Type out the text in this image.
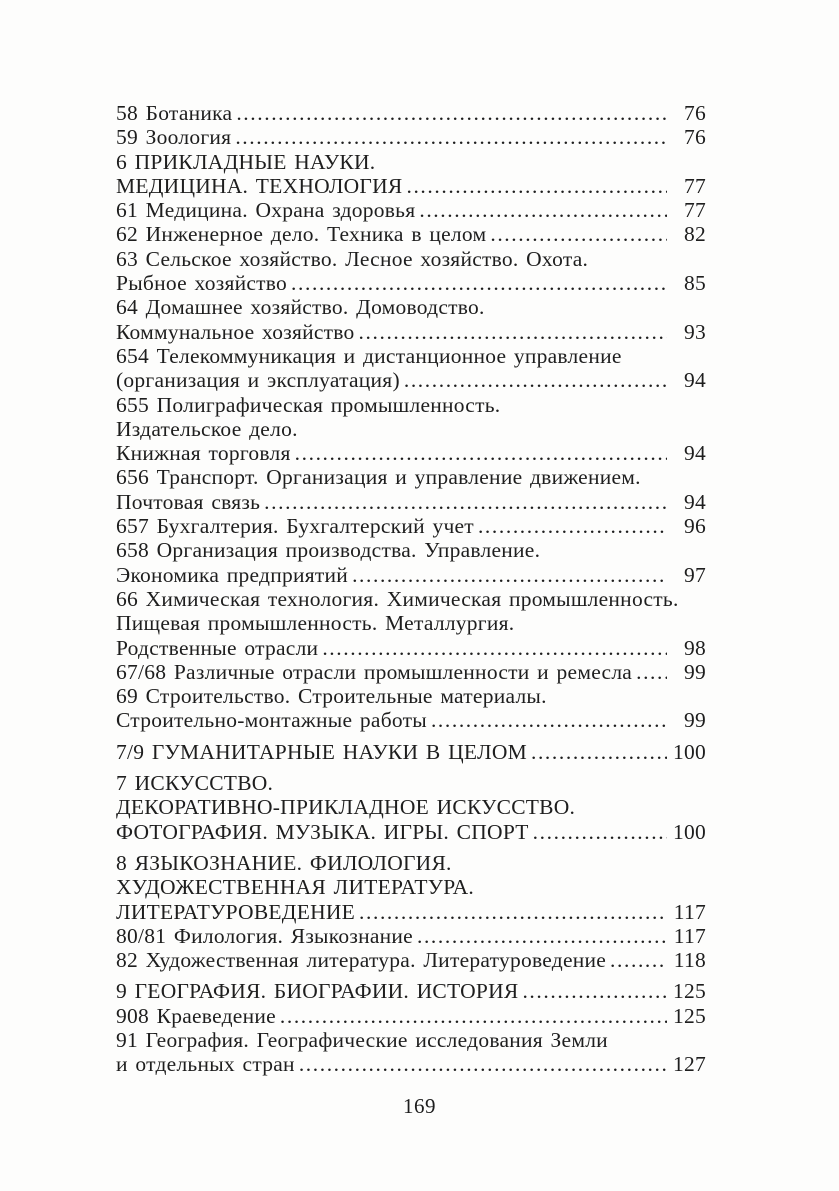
58 Ботаника .....	76
59 Зоология .....	76
6 ПРИКЛАДНЫЕ НАУКИ.
МЕДИЦИНА. ТЕХНОЛОГИЯ .....	77
61 Медицина. Охрана здоровья .....	77
62 Инженерное дело. Техника в целом .....	82
63 Сельское хозяйство. Лесное хозяйство. Охота.
Рыбное хозяйство .....	85
64 Домашнее хозяйство. Домоводство.
Коммунальное хозяйство .....	93
654 Телекоммуникация и дистанционное управление
(организация и эксплуатация) .....	94
655 Полиграфическая промышленность.
Издательское дело.
Книжная торговля .....	94
656 Транспорт. Организация и управление движением.
Почтовая связь .....	94
657 Бухгалтерия. Бухгалтерский учет .....	96
658 Организация производства. Управление.
Экономика предприятий .....	97
66 Химическая технология. Химическая промышленность.
Пищевая промышленность. Металлургия.
Родственные отрасли .....	98
67/68 Различные отрасли промышленности и ремесла .....	99
69 Строительство. Строительные материалы.
Строительно-монтажные работы .....	99
7/9 ГУМАНИТАРНЫЕ НАУКИ В ЦЕЛОМ .....	100
7 ИСКУССТВО.
ДЕКОРАТИВНО-ПРИКЛАДНОЕ ИСКУССТВО.
ФОТОГРАФИЯ. МУЗЫКА. ИГРЫ. СПОРТ .....	100
8 ЯЗЫКОЗНАНИЕ. ФИЛОЛОГИЯ.
ХУДОЖЕСТВЕННАЯ ЛИТЕРАТУРА.
ЛИТЕРАТУРОВЕДЕНИЕ .....	117
80/81 Филология. Языкознание .....	117
82 Художественная литература. Литературоведение .....	118
9 ГЕОГРАФИЯ. БИОГРАФИИ. ИСТОРИЯ .....	125
908 Краеведение .....	125
91 География. Географические исследования Земли
и отдельных стран .....	127
169
